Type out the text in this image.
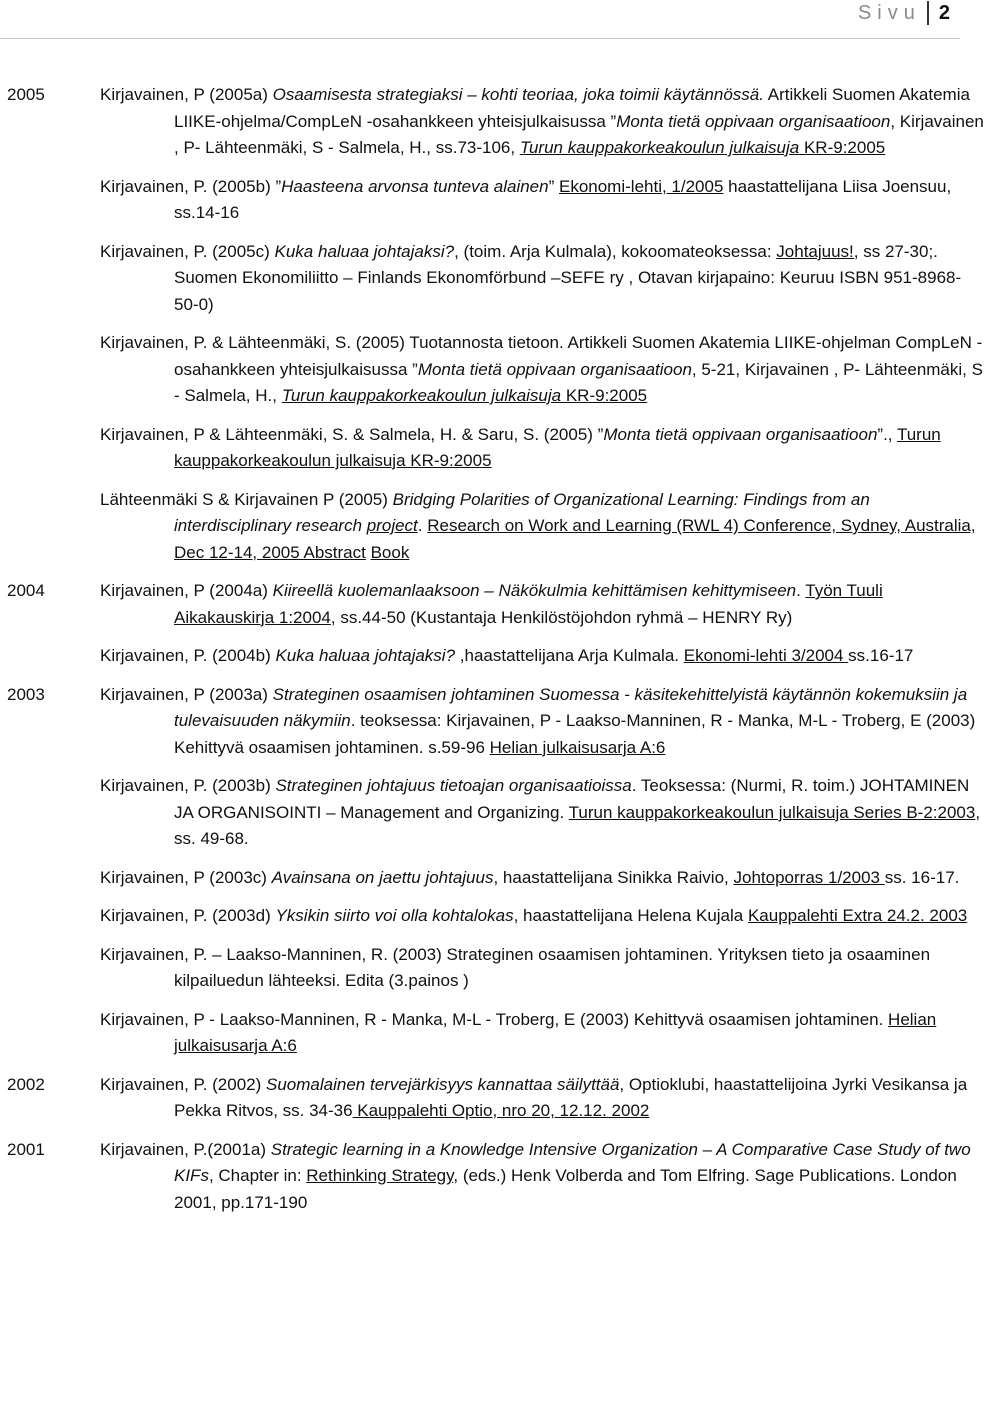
Sivu 2
2005	Kirjavainen, P (2005a) Osaamisesta strategiaksi – kohti teoriaa, joka toimii käytännössä. Artikkeli Suomen Akatemia LIIKE-ohjelma/CompLeN -osahankkeen yhteisjulkaisussa ”Monta tietä oppivaan organisaatioon, Kirjavainen , P- Lähteenmäki, S - Salmela, H., ss.73-106, Turun kauppakorkeakoulun julkaisuja KR-9:2005
Kirjavainen, P. (2005b) ”Haasteena arvonsa tunteva alainen” Ekonomi-lehti, 1/2005 haastattelijana Liisa Joensuu, ss.14-16
Kirjavainen, P. (2005c) Kuka haluaa johtajaksi?, (toim. Arja Kulmala), kokoomateoksessa: Johtajuus!, ss 27-30;. Suomen Ekonomiliitto – Finlands Ekonomförbund –SEFE ry , Otavan kirjapaino: Keuruu ISBN 951-8968-50-0)
Kirjavainen, P. & Lähteenmäki, S. (2005) Tuotannosta tietoon. Artikkeli Suomen Akatemia LIIKE-ohjelman CompLeN -osahankkeen yhteisjulkaisussa ”Monta tietä oppivaan organisaatioon, 5-21, Kirjavainen , P- Lähteenmäki, S - Salmela, H., Turun kauppakorkeakoulun julkaisuja KR-9:2005
Kirjavainen, P & Lähteenmäki, S. & Salmela, H. & Saru, S. (2005) ”Monta tietä oppivaan organisaatioon”., Turun kauppakorkeakoulun julkaisuja KR-9:2005
Lähteenmäki S & Kirjavainen P (2005) Bridging Polarities of Organizational Learning: Findings from an interdisciplinary research project. Research on Work and Learning (RWL 4) Conference, Sydney, Australia, Dec 12-14, 2005 Abstract Book
2004	Kirjavainen, P (2004a) Kiireellä kuolemanlaaksoon – Näkökulmia kehittämisen kehittymiseen. Työn Tuuli Aikakauskirja 1:2004, ss.44-50 (Kustantaja Henkilöstöjohdon ryhmä – HENRY Ry)
Kirjavainen, P. (2004b) Kuka haluaa johtajaksi? ,haastattelijana Arja Kulmala. Ekonomi-lehti 3/2004 ss.16-17
2003	Kirjavainen, P (2003a) Strateginen osaamisen johtaminen Suomessa - käsitekehittelyistä käytännön kokemuksiin ja tulevaisuuden näkymiin. teoksessa: Kirjavainen, P - Laakso-Manninen, R - Manka, M-L - Troberg, E (2003) Kehittyvä osaamisen johtaminen. s.59-96 Helian julkaisusarja A:6
Kirjavainen, P. (2003b) Strateginen johtajuus tietoajan organisaatioissa. Teoksessa: (Nurmi, R. toim.) JOHTAMINEN JA ORGANISOINTI – Management and Organizing. Turun kauppakorkeakoulun julkaisuja Series B-2:2003, ss. 49-68.
Kirjavainen, P (2003c) Avainsana on jaettu johtajuus, haastattelijana Sinikka Raivio, Johtoporras 1/2003 ss. 16-17.
Kirjavainen, P. (2003d) Yksikin siirto voi olla kohtalokas, haastattelijana Helena Kujala Kauppalehti Extra 24.2. 2003
Kirjavainen, P. – Laakso-Manninen, R. (2003) Strateginen osaamisen johtaminen. Yrityksen tieto ja osaaminen kilpailuedun lähteeksi. Edita (3.painos )
Kirjavainen, P - Laakso-Manninen, R - Manka, M-L - Troberg, E (2003) Kehittyvä osaamisen johtaminen. Helian julkaisusarja A:6
2002	Kirjavainen, P. (2002) Suomalainen tervejärkisyys kannattaa säilyttää, Optioklubi, haastattelijoina Jyrki Vesikansa ja Pekka Ritvos, ss. 34-36 Kauppalehti Optio, nro 20, 12.12. 2002
2001	Kirjavainen, P.(2001a) Strategic learning in a Knowledge Intensive Organization – A Comparative Case Study of two KIFs, Chapter in: Rethinking Strategy, (eds.) Henk Volberda and Tom Elfring. Sage Publications. London 2001, pp.171-190
